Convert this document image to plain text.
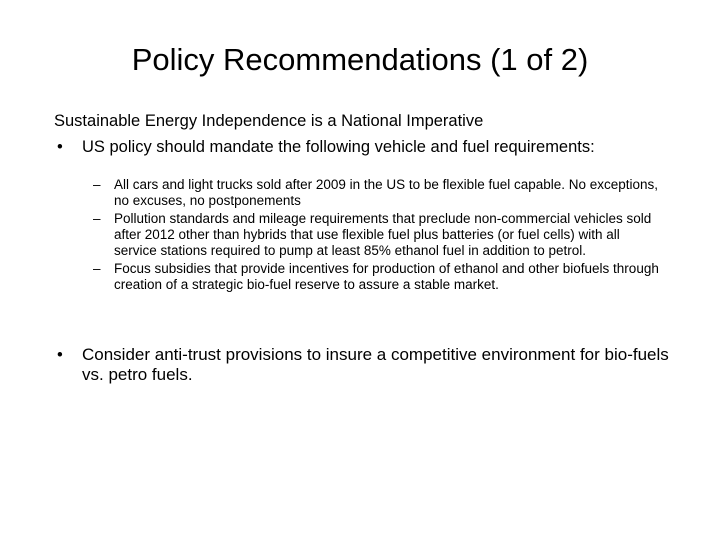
Policy Recommendations (1 of 2)
Sustainable Energy Independence is a National Imperative
• US policy should mandate the following vehicle and fuel requirements:
– All cars and light trucks sold after 2009 in the US to be flexible fuel capable. No exceptions, no excuses, no postponements
– Pollution standards and mileage requirements that preclude non-commercial vehicles sold after 2012 other than hybrids that use flexible fuel plus batteries (or fuel cells) with all service stations required to pump at least 85% ethanol fuel in addition to petrol.
– Focus subsidies that provide incentives for production of ethanol and other biofuels through creation of a strategic bio-fuel reserve to assure a stable market.
• Consider anti-trust provisions to insure a competitive environment for bio-fuels vs. petro fuels.
